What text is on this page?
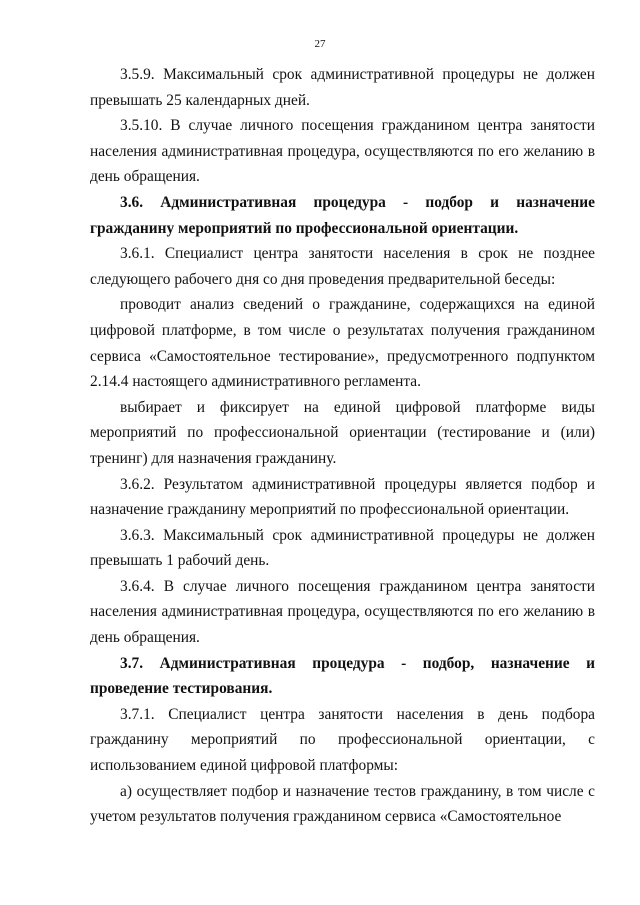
27

3.5.9. Максимальный срок административной процедуры не должен превышать 25 календарных дней.

3.5.10. В случае личного посещения гражданином центра занятости населения административная процедура, осуществляются по его желанию в день обращения.

3.6. Административная процедура - подбор и назначение гражданину мероприятий по профессиональной ориентации.

3.6.1. Специалист центра занятости населения в срок не позднее следующего рабочего дня со дня проведения предварительной беседы:

проводит анализ сведений о гражданине, содержащихся на единой цифровой платформе, в том числе о результатах получения гражданином сервиса «Самостоятельное тестирование», предусмотренного подпунктом 2.14.4 настоящего административного регламента.

выбирает и фиксирует на единой цифровой платформе виды мероприятий по профессиональной ориентации (тестирование и (или) тренинг) для назначения гражданину.

3.6.2. Результатом административной процедуры является подбор и назначение гражданину мероприятий по профессиональной ориентации.

3.6.3. Максимальный срок административной процедуры не должен превышать 1 рабочий день.

3.6.4. В случае личного посещения гражданином центра занятости населения административная процедура, осуществляются по его желанию в день обращения.

3.7. Административная процедура - подбор, назначение и проведение тестирования.

3.7.1. Специалист центра занятости населения в день подбора гражданину мероприятий по профессиональной ориентации, с использованием единой цифровой платформы:

а) осуществляет подбор и назначение тестов гражданину, в том числе с учетом результатов получения гражданином сервиса «Самостоятельное
